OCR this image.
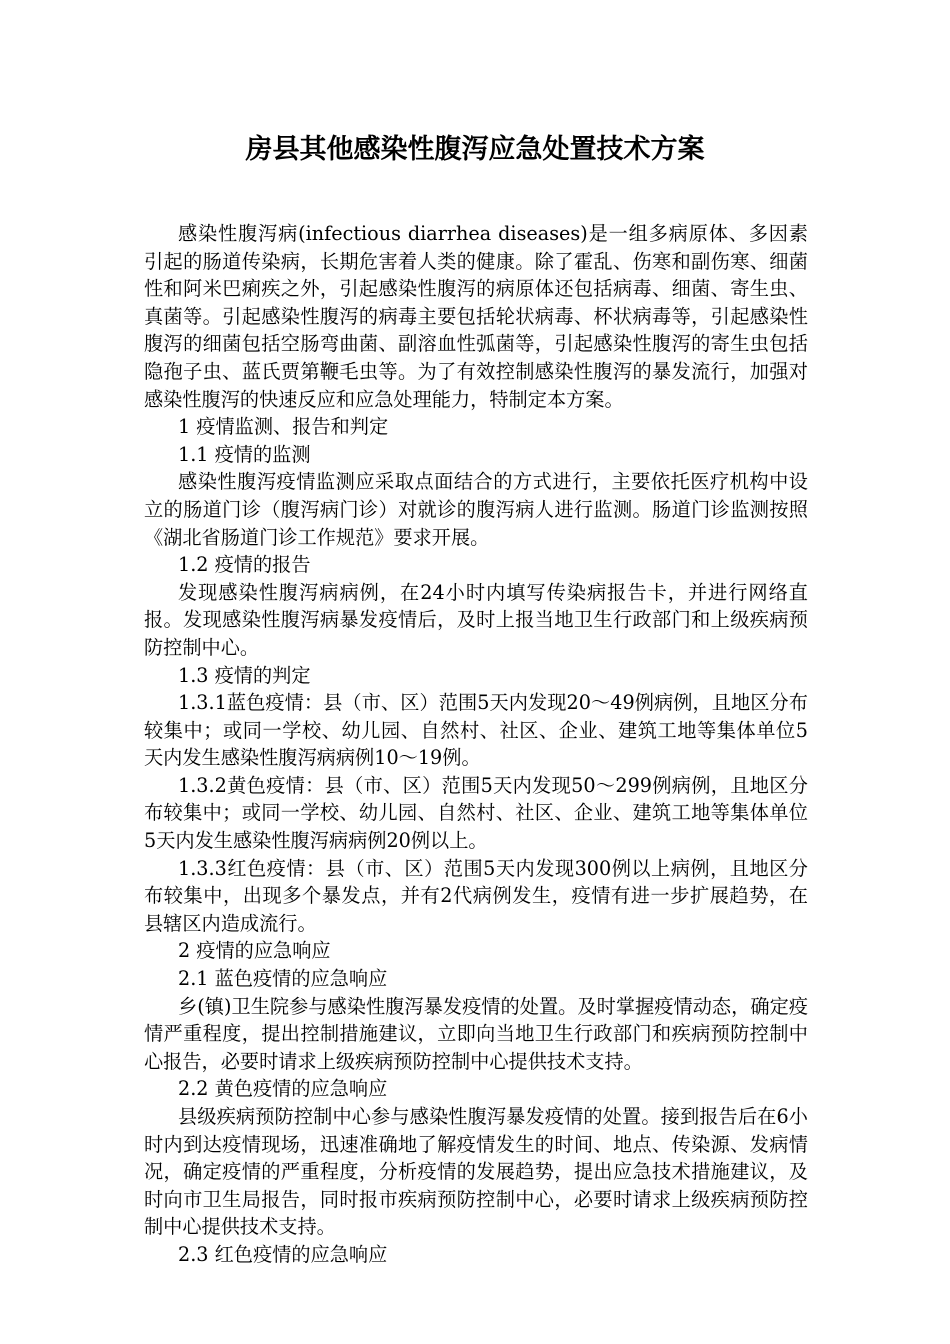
房县其他感染性腹泻应急处置技术方案

感染性腹泻病(infectious diarrhea diseases)是一组多病原体、多因素引起的肠道传染病，长期危害着人类的健康。除了霍乱、伤寒和副伤寒、细菌性和阿米巴痢疾之外，引起感染性腹泻的病原体还包括病毒、细菌、寄生虫、真菌等。引起感染性腹泻的病毒主要包括轮状病毒、杯状病毒等，引起感染性腹泻的细菌包括空肠弯曲菌、副溶血性弧菌等，引起感染性腹泻的寄生虫包括隐孢子虫、蓝氏贾第鞭毛虫等。为了有效控制感染性腹泻的暴发流行，加强对感染性腹泻的快速反应和应急处理能力，特制定本方案。

1 疫情监测、报告和判定

1.1 疫情的监测

感染性腹泻疫情监测应采取点面结合的方式进行，主要依托医疗机构中设立的肠道门诊（腹泻病门诊）对就诊的腹泻病人进行监测。肠道门诊监测按照《湖北省肠道门诊工作规范》要求开展。

1.2 疫情的报告

发现感染性腹泻病病例，在24小时内填写传染病报告卡，并进行网络直报。发现感染性腹泻病暴发疫情后，及时上报当地卫生行政部门和上级疾病预防控制中心。

1.3 疫情的判定

1.3.1蓝色疫情：县（市、区）范围5天内发现20～49例病例，且地区分布较集中；或同一学校、幼儿园、自然村、社区、企业、建筑工地等集体单位5天内发生感染性腹泻病病例10～19例。

1.3.2黄色疫情：县（市、区）范围5天内发现50～299例病例，且地区分布较集中；或同一学校、幼儿园、自然村、社区、企业、建筑工地等集体单位5天内发生感染性腹泻病病例20例以上。

1.3.3红色疫情：县（市、区）范围5天内发现300例以上病例，且地区分布较集中，出现多个暴发点，并有2代病例发生，疫情有进一步扩展趋势，在县辖区内造成流行。

2 疫情的应急响应

2.1 蓝色疫情的应急响应

乡(镇)卫生院参与感染性腹泻暴发疫情的处置。及时掌握疫情动态，确定疫情严重程度，提出控制措施建议，立即向当地卫生行政部门和疾病预防控制中心报告，必要时请求上级疾病预防控制中心提供技术支持。

2.2 黄色疫情的应急响应

县级疾病预防控制中心参与感染性腹泻暴发疫情的处置。接到报告后在6小时内到达疫情现场，迅速准确地了解疫情发生的时间、地点、传染源、发病情况，确定疫情的严重程度，分析疫情的发展趋势，提出应急技术措施建议，及时向市卫生局报告，同时报市疾病预防控制中心，必要时请求上级疾病预防控制中心提供技术支持。

2.3 红色疫情的应急响应
